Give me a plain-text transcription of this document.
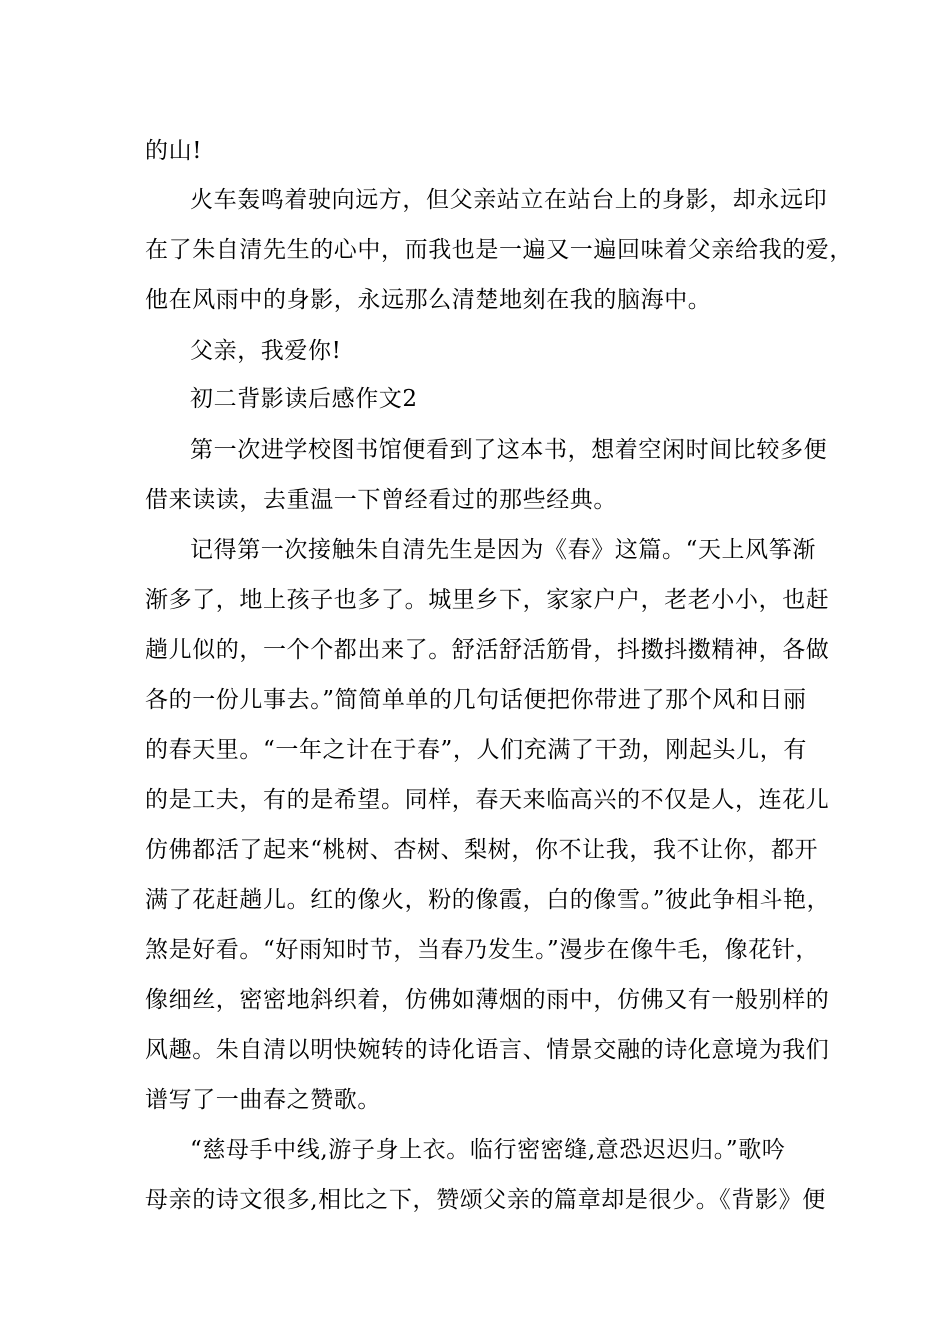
的山!
火车轰鸣着驶向远方，但父亲站立在站台上的身影，却永远印
在了朱自清先生的心中，而我也是一遍又一遍回味着父亲给我的爱，
他在风雨中的身影，永远那么清楚地刻在我的脑海中。
父亲，我爱你!
初二背影读后感作文2
第一次进学校图书馆便看到了这本书，想着空闲时间比较多便
借来读读，去重温一下曾经看过的那些经典。
记得第一次接触朱自清先生是因为《春》这篇。“天上风筝渐
渐多了，地上孩子也多了。城里乡下，家家户户，老老小小，也赶
趟儿似的，一个个都出来了。舒活舒活筋骨，抖擞抖擞精神，各做
各的一份儿事去。”简简单单的几句话便把你带进了那个风和日丽
的春天里。“一年之计在于春”，人们充满了干劲，刚起头儿，有
的是工夫，有的是希望。同样，春天来临高兴的不仅是人，连花儿
仿佛都活了起来“桃树、杏树、梨树，你不让我，我不让你，都开
满了花赶趟儿。红的像火，粉的像霞，白的像雪。”彼此争相斗艳，
煞是好看。“好雨知时节，当春乃发生。”漫步在像牛毛，像花针，
像细丝，密密地斜织着，仿佛如薄烟的雨中，仿佛又有一般别样的
风趣。朱自清以明快婉转的诗化语言、情景交融的诗化意境为我们
谱写了一曲春之赞歌。
“慈母手中线,游子身上衣。临行密密缝,意恐迟迟归。”歌吟
母亲的诗文很多,相比之下，赞颂父亲的篇章却是很少。《背影》便
